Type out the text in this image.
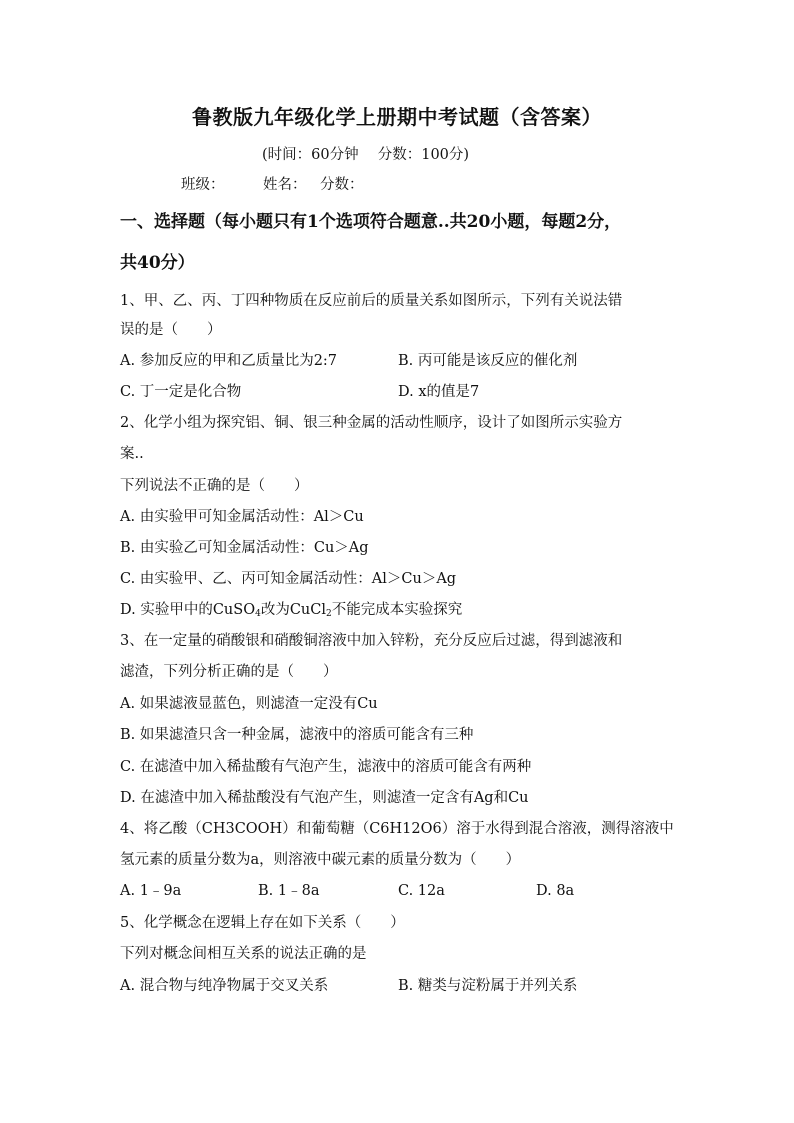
鲁教版九年级化学上册期中考试题（含答案）
(时间：60分钟　 分数：100分)
班级：	姓名： 分数：
一、选择题（每小题只有1个选项符合题意..共20小题，每题2分，
共40分）
1、甲、乙、丙、丁四种物质在反应前后的质量关系如图所示，下列有关说法错
误的是（　　）
A. 参加反应的甲和乙质量比为2:7	B. 丙可能是该反应的催化剂
C. 丁一定是化合物	D. x的值是7
2、化学小组为探究铝、铜、银三种金属的活动性顺序，设计了如图所示实验方
案..
下列说法不正确的是（　　）
A. 由实验甲可知金属活动性：Al＞Cu
B. 由实验乙可知金属活动性：Cu＞Ag
C. 由实验甲、乙、丙可知金属活动性：Al＞Cu＞Ag
D. 实验甲中的CuSO$_4$改为CuCl$_2$不能完成本实验探究
3、在一定量的硝酸银和硝酸铜溶液中加入锌粉，充分反应后过滤，得到滤液和
滤渣，下列分析正确的是（　　）
A. 如果滤液显蓝色，则滤渣一定没有Cu
B. 如果滤渣只含一种金属，滤液中的溶质可能含有三种
C. 在滤渣中加入稀盐酸有气泡产生，滤液中的溶质可能含有两种
D. 在滤渣中加入稀盐酸没有气泡产生，则滤渣一定含有Ag和Cu
4、将乙酸（CH3COOH）和葡萄糖（C6H12O6）溶于水得到混合溶液，测得溶液中
氢元素的质量分数为a，则溶液中碳元素的质量分数为（　　）
A. 1﹣9a	B. 1﹣8a	C. 12a	D. 8a
5、化学概念在逻辑上存在如下关系（　　）
下列对概念间相互关系的说法正确的是
A. 混合物与纯净物属于交叉关系	B. 糖类与淀粉属于并列关系
